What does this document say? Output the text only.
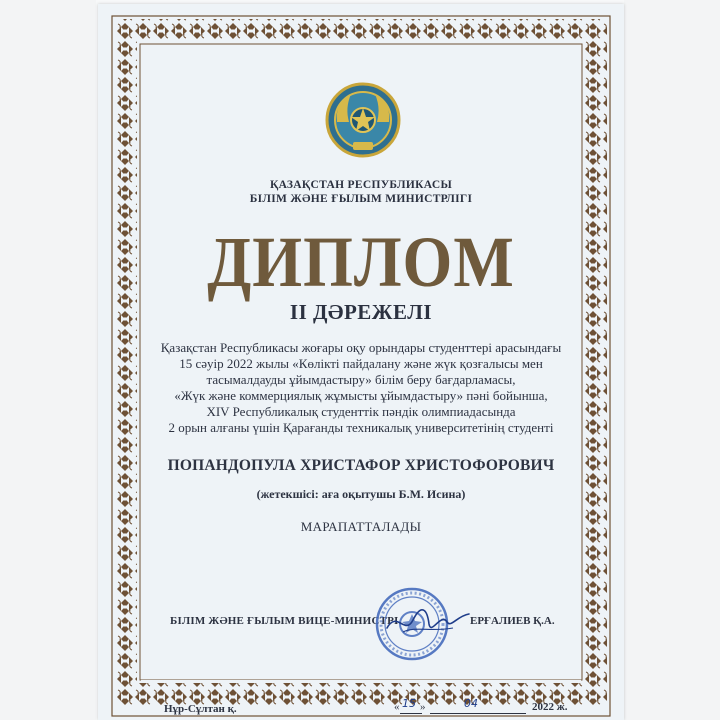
ҚАЗАҚСТАН РЕСПУБЛИКАСЫ
БІЛІМ ЖӘНЕ ҒЫЛЫМ МИНИСТРЛІГІ
ДИПЛОМ
II ДӘРЕЖЕЛІ
Қазақстан Республикасы жоғары оқу орындары студенттері арасындағы
15 сәуір 2022 жылы «Көлікті пайдалану және жүк қозғалысы мен
тасымалдауды ұйымдастыру» білім беру бағдарламасы,
«Жүк және коммерциялық жұмысты ұйымдастыру» пәні бойынша,
XIV Республикалық студенттік пәндік олимпиадасында
2 орын алғаны үшін Қарағанды техникалық университетінің студенті
ПОПАНДОПУЛА ХРИСТАФОР ХРИСТОФОРОВИЧ
(жетекшісі: аға оқытушы Б.М. Исина)
МАРАПАТТАЛАДЫ
БІЛІМ ЖӘНЕ ҒЫЛЫМ ВИЦЕ-МИНИСТРІ	ЕРҒАЛИЕВ Қ.А.
Нұр-Сұлтан қ.	« 15 »	04	2022 ж.
